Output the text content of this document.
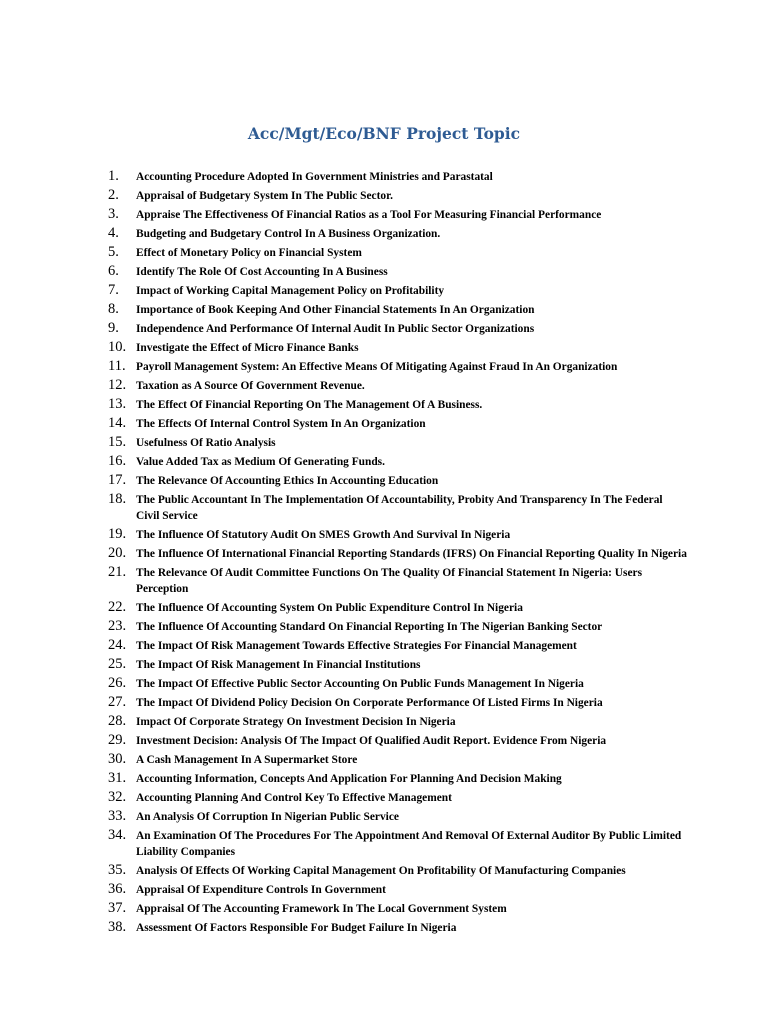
Acc/Mgt/Eco/BNF Project Topic
1.	Accounting Procedure Adopted In Government Ministries and Parastatal
2.	Appraisal of Budgetary System In The Public Sector.
3.	Appraise The Effectiveness Of Financial Ratios as a Tool For Measuring Financial Performance
4.	Budgeting and Budgetary Control In A Business Organization.
5.	Effect of Monetary Policy on Financial System
6.	Identify The Role Of Cost Accounting In A Business
7.	Impact of Working Capital Management Policy on Profitability
8.	Importance of Book Keeping And Other Financial Statements In An Organization
9.	Independence And Performance Of Internal Audit In Public Sector Organizations
10. Investigate the Effect of Micro Finance Banks
11. Payroll Management System: An Effective Means Of Mitigating Against Fraud In An Organization
12. Taxation as A Source Of Government Revenue.
13. The Effect Of Financial Reporting On The Management Of A Business.
14. The Effects Of Internal Control System In An Organization
15. Usefulness Of Ratio Analysis
16. Value Added Tax as Medium Of Generating Funds.
17. The Relevance Of Accounting Ethics In Accounting Education
18. The Public Accountant In The Implementation Of Accountability, Probity And Transparency In The Federal Civil Service
19. The Influence Of Statutory Audit On SMES Growth And Survival In Nigeria
20. The Influence Of International Financial Reporting Standards (IFRS) On Financial Reporting Quality In Nigeria
21. The Relevance Of Audit Committee Functions On The Quality Of Financial Statement In Nigeria: Users Perception
22. The Influence Of Accounting System On Public Expenditure Control In Nigeria
23. The Influence Of Accounting Standard On Financial Reporting In The Nigerian Banking Sector
24. The Impact Of Risk Management Towards Effective Strategies For Financial Management
25. The Impact Of Risk Management In Financial Institutions
26. The Impact Of Effective Public Sector Accounting On Public Funds Management In Nigeria
27. The Impact Of Dividend Policy Decision On Corporate Performance Of Listed Firms In Nigeria
28. Impact Of Corporate Strategy On Investment Decision In Nigeria
29. Investment Decision: Analysis Of The Impact Of Qualified Audit Report. Evidence From Nigeria
30. A Cash Management In A Supermarket Store
31. Accounting Information, Concepts And Application For Planning And Decision Making
32. Accounting Planning And Control Key To Effective Management
33. An Analysis Of Corruption In Nigerian Public Service
34. An Examination Of The Procedures For The Appointment And Removal Of External Auditor By Public Limited Liability Companies
35. Analysis Of Effects Of Working Capital Management On Profitability Of Manufacturing Companies
36. Appraisal Of Expenditure Controls In Government
37. Appraisal Of The Accounting Framework In The Local Government System
38. Assessment Of Factors Responsible For Budget Failure In Nigeria
